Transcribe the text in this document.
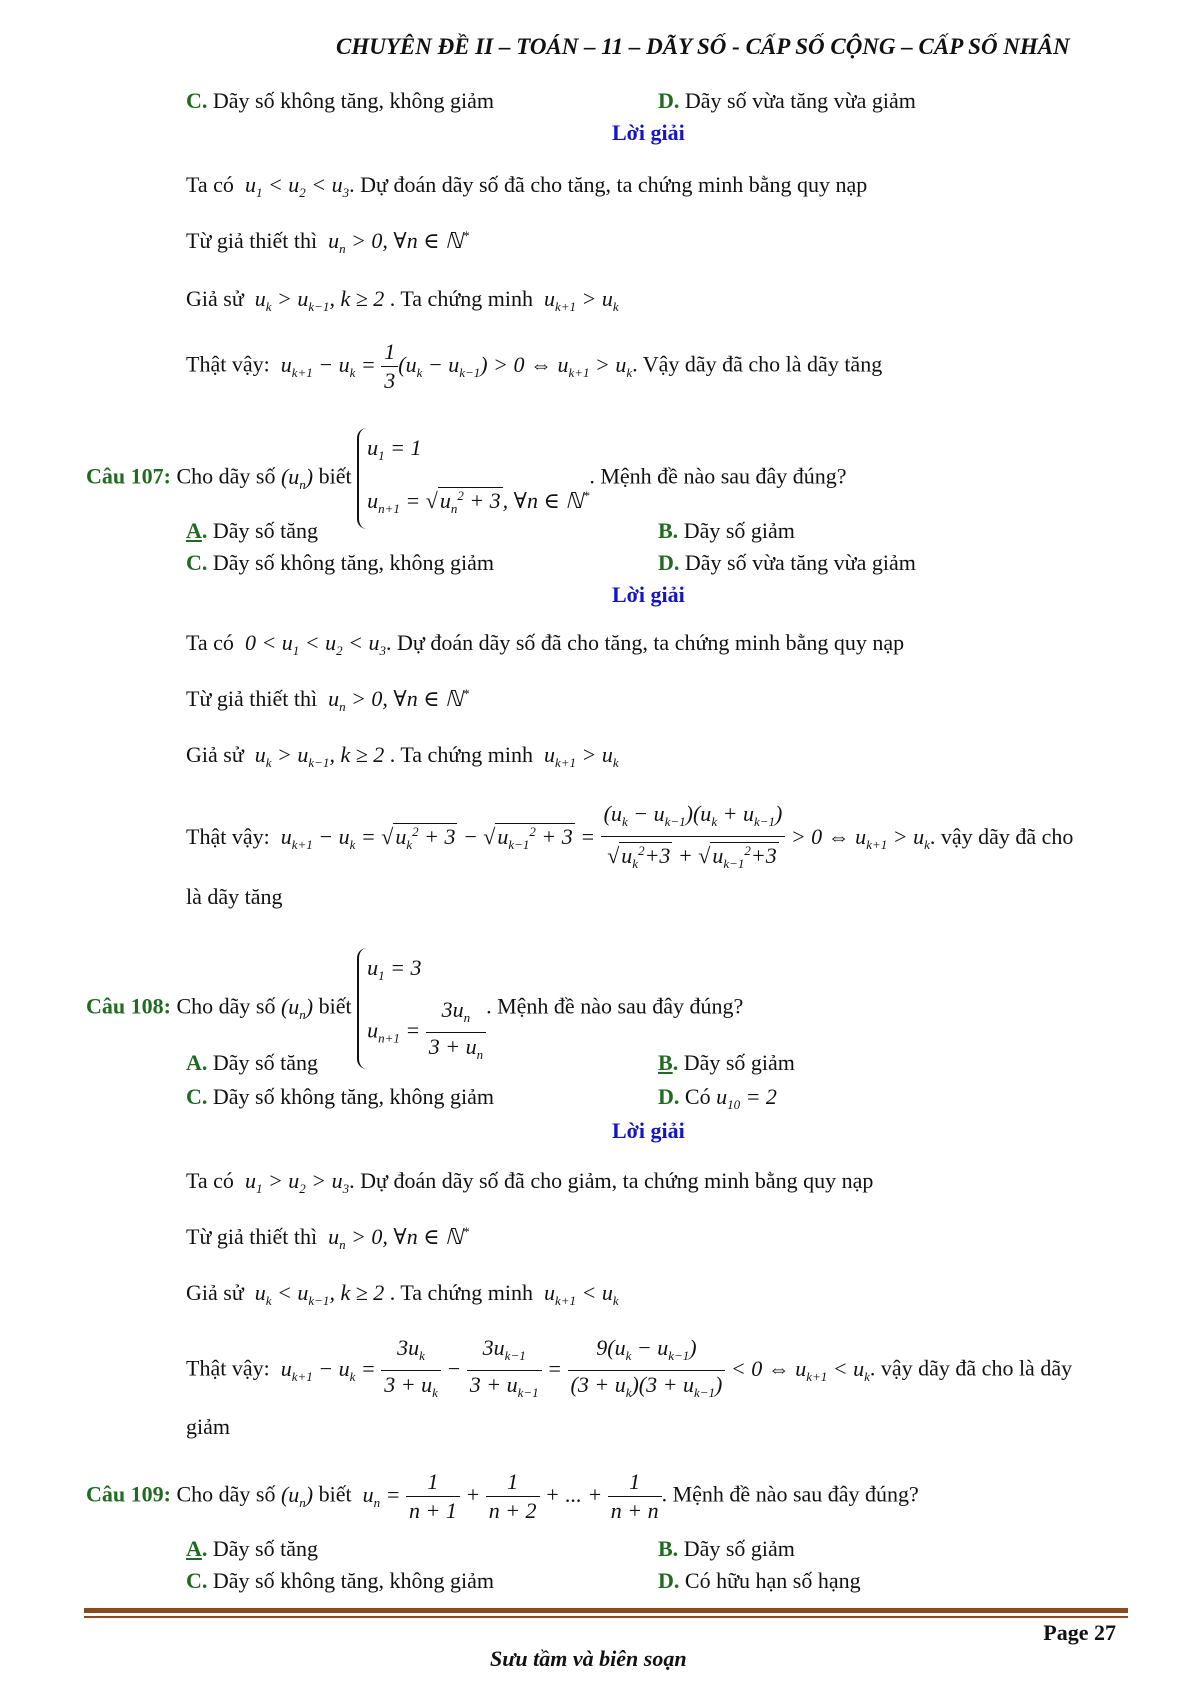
CHUYÊN ĐỀ II – TOÁN – 11 – DÃY SỐ - CẤP SỐ CỘNG – CẤP SỐ NHÂN
C. Dãy số không tăng, không giảm	D. Dãy số vừa tăng vừa giảm
Lời giải
Ta có  $u_1 < u_2 < u_3$. Dự đoán dãy số đã cho tăng, ta chứng minh bằng quy nạp
Từ giả thiết thì  $u_n > 0$, ∀n ∈ ℕ*
Giả sử  $u_k > u_{k-1}$, k ≥ 2 . Ta chứng minh  $u_{k+1} > u_k$
Thật vậy:  $u_{k+1} - u_k = \frac{1}{3} (u_k - u_{k-1}) > 0$ ⇔ $u_{k+1} > u_k$. Vậy dãy đã cho là dãy tăng
Câu 107: Cho dãy số $(u_n)$ biết $u_1 = 1$
$u_{n+1} = √u_n^2 + 3$, ∀n ∈ ℕ*. Mệnh đề nào sau đây đúng?
A. Dãy số tăng	B. Dãy số giảm
C. Dãy số không tăng, không giảm	D. Dãy số vừa tăng vừa giảm
Lời giải
Ta có  $0 < u_1 < u_2 < u_3$. Dự đoán dãy số đã cho tăng, ta chứng minh bằng quy nạp
Từ giả thiết thì  $u_n > 0$, ∀n ∈ ℕ*
Giả sử  $u_k > u_{k-1}$, k ≥ 2 . Ta chứng minh  $u_{k+1} > u_k$
Thật vậy:  $u_{k+1} - u_k = √u_k^2 + 3 - √u_{k-1}^2 + 3 = \frac{(u_k - u_{k-1})(u_k + u_{k-1})}{√u_k^2+3 + √u_{k-1}^2+3} > 0$ ⇔ $u_{k+1} > u_k$. vậy dãy đã cho
là dãy tăng
Câu 108: Cho dãy số $(u_n)$ biết $u_1 = 3$
$u_{n+1} = \frac{3u_n}{3 + u_n}$ . Mệnh đề nào sau đây đúng?
A. Dãy số tăng	B. Dãy số giảm
C. Dãy số không tăng, không giảm	D. Có $u_{10} = 2$
Lời giải
Ta có  $u_1 > u_2 > u_3$. Dự đoán dãy số đã cho giảm, ta chứng minh bằng quy nạp
Từ giả thiết thì  $u_n > 0$, ∀n ∈ ℕ*
Giả sử  $u_k < u_{k-1}$, k ≥ 2 . Ta chứng minh  $u_{k+1} < u_k$
Thật vậy:  $u_{k+1} - u_k = \frac{3u_k}{3 + u_k} - \frac{3u_{k-1}}{3 + u_{k-1}} = \frac{9(u_k - u_{k-1})}{(3 + u_k)(3 + u_{k-1})} < 0$ ⇔ $u_{k+1} < u_k$. vậy dãy đã cho là dãy
giảm
Câu 109: Cho dãy số $(u_n)$ biết  $u_n = \frac{1}{n + 1} + \frac{1}{n + 2}$ + ... + $\frac{1}{n + n}$ . Mệnh đề nào sau đây đúng?
A. Dãy số tăng	B. Dãy số giảm
C. Dãy số không tăng, không giảm	D. Có hữu hạn số hạng
Page 27
Sưu tầm và biên soạn
